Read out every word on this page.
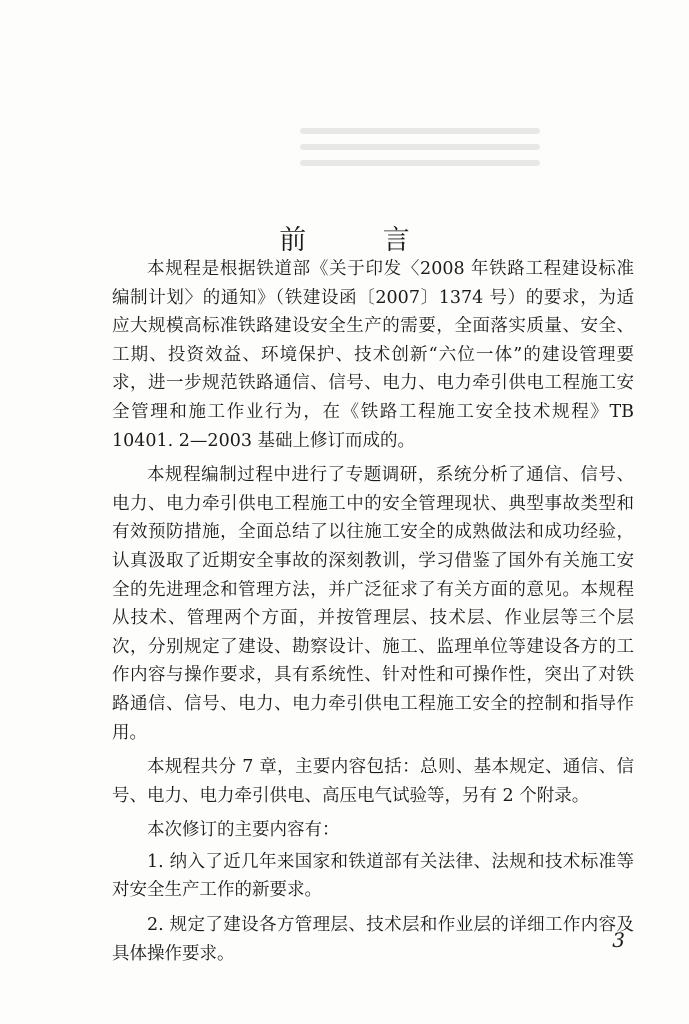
前 言

本规程是根据铁道部《关于印发〈2008 年铁路工程建设标准编制计划〉的通知》（铁建设函〔2007〕1374 号）的要求，为适应大规模高标准铁路建设安全生产的需要，全面落实质量、安全、工期、投资效益、环境保护、技术创新“六位一体”的建设管理要求，进一步规范铁路通信、信号、电力、电力牵引供电工程施工安全管理和施工作业行为，在《铁路工程施工安全技术规程》TB 10401. 2—2003 基础上修订而成的。

本规程编制过程中进行了专题调研，系统分析了通信、信号、电力、电力牵引供电工程施工中的安全管理现状、典型事故类型和有效预防措施，全面总结了以往施工安全的成熟做法和成功经验，认真汲取了近期安全事故的深刻教训，学习借鉴了国外有关施工安全的先进理念和管理方法，并广泛征求了有关方面的意见。本规程从技术、管理两个方面，并按管理层、技术层、作业层等三个层次，分别规定了建设、勘察设计、施工、监理单位等建设各方的工作内容与操作要求，具有系统性、针对性和可操作性，突出了对铁路通信、信号、电力、电力牵引供电工程施工安全的控制和指导作用。

本规程共分 7 章，主要内容包括：总则、基本规定、通信、信号、电力、电力牵引供电、高压电气试验等，另有 2 个附录。

本次修订的主要内容有：

1. 纳入了近几年来国家和铁道部有关法律、法规和技术标准等对安全生产工作的新要求。

2. 规定了建设各方管理层、技术层和作业层的详细工作内容及具体操作要求。

3
